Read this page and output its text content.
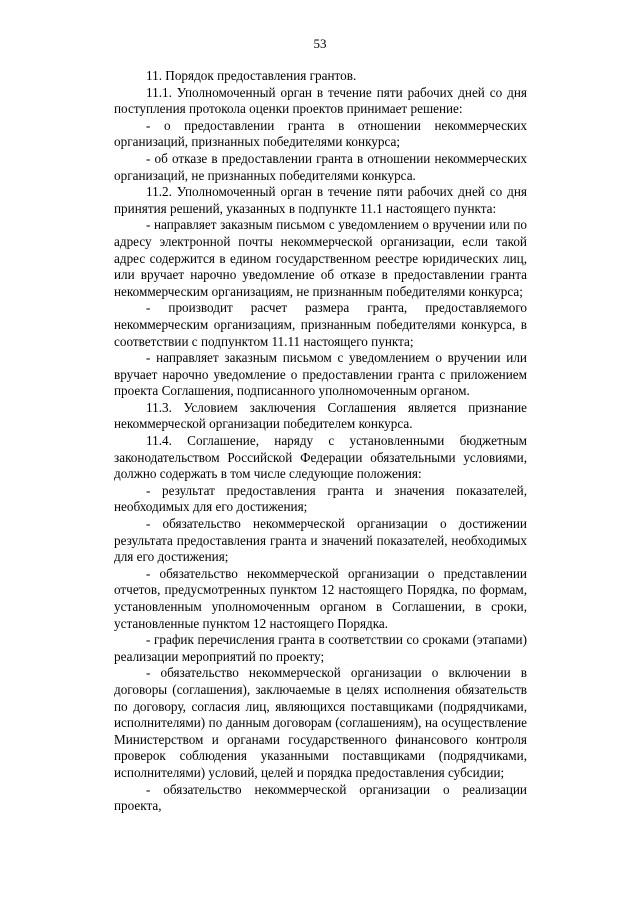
53

11. Порядок предоставления грантов.

11.1. Уполномоченный орган в течение пяти рабочих дней со дня поступления протокола оценки проектов принимает решение:

- о предоставлении гранта в отношении некоммерческих организаций, признанных победителями конкурса;

- об отказе в предоставлении гранта в отношении некоммерческих организаций, не признанных победителями конкурса.

11.2. Уполномоченный орган в течение пяти рабочих дней со дня принятия решений, указанных в подпункте 11.1 настоящего пункта:

- направляет заказным письмом с уведомлением о вручении или по адресу электронной почты некоммерческой организации, если такой адрес содержится в едином государственном реестре юридических лиц, или вручает нарочно уведомление об отказе в предоставлении гранта некоммерческим организациям, не признанным победителями конкурса;

- производит расчет размера гранта, предоставляемого некоммерческим организациям, признанным победителями конкурса, в соответствии с подпунктом 11.11 настоящего пункта;

- направляет заказным письмом с уведомлением о вручении или вручает нарочно уведомление о предоставлении гранта с приложением проекта Соглашения, подписанного уполномоченным органом.

11.3. Условием заключения Соглашения является признание некоммерческой организации победителем конкурса.

11.4. Соглашение, наряду с установленными бюджетным законодательством Российской Федерации обязательными условиями, должно содержать в том числе следующие положения:

- результат предоставления гранта и значения показателей, необходимых для его достижения;

- обязательство некоммерческой организации о достижении результата предоставления гранта и значений показателей, необходимых для его достижения;

- обязательство некоммерческой организации о представлении отчетов, предусмотренных пунктом 12 настоящего Порядка, по формам, установленным уполномоченным органом в Соглашении, в сроки, установленные пунктом 12 настоящего Порядка.

- график перечисления гранта в соответствии со сроками (этапами) реализации мероприятий по проекту;

- обязательство некоммерческой организации о включении в договоры (соглашения), заключаемые в целях исполнения обязательств по договору, согласия лиц, являющихся поставщиками (подрядчиками, исполнителями) по данным договорам (соглашениям), на осуществление Министерством и органами государственного финансового контроля проверок соблюдения указанными поставщиками (подрядчиками, исполнителями) условий, целей и порядка предоставления субсидии;

- обязательство некоммерческой организации о реализации проекта,
